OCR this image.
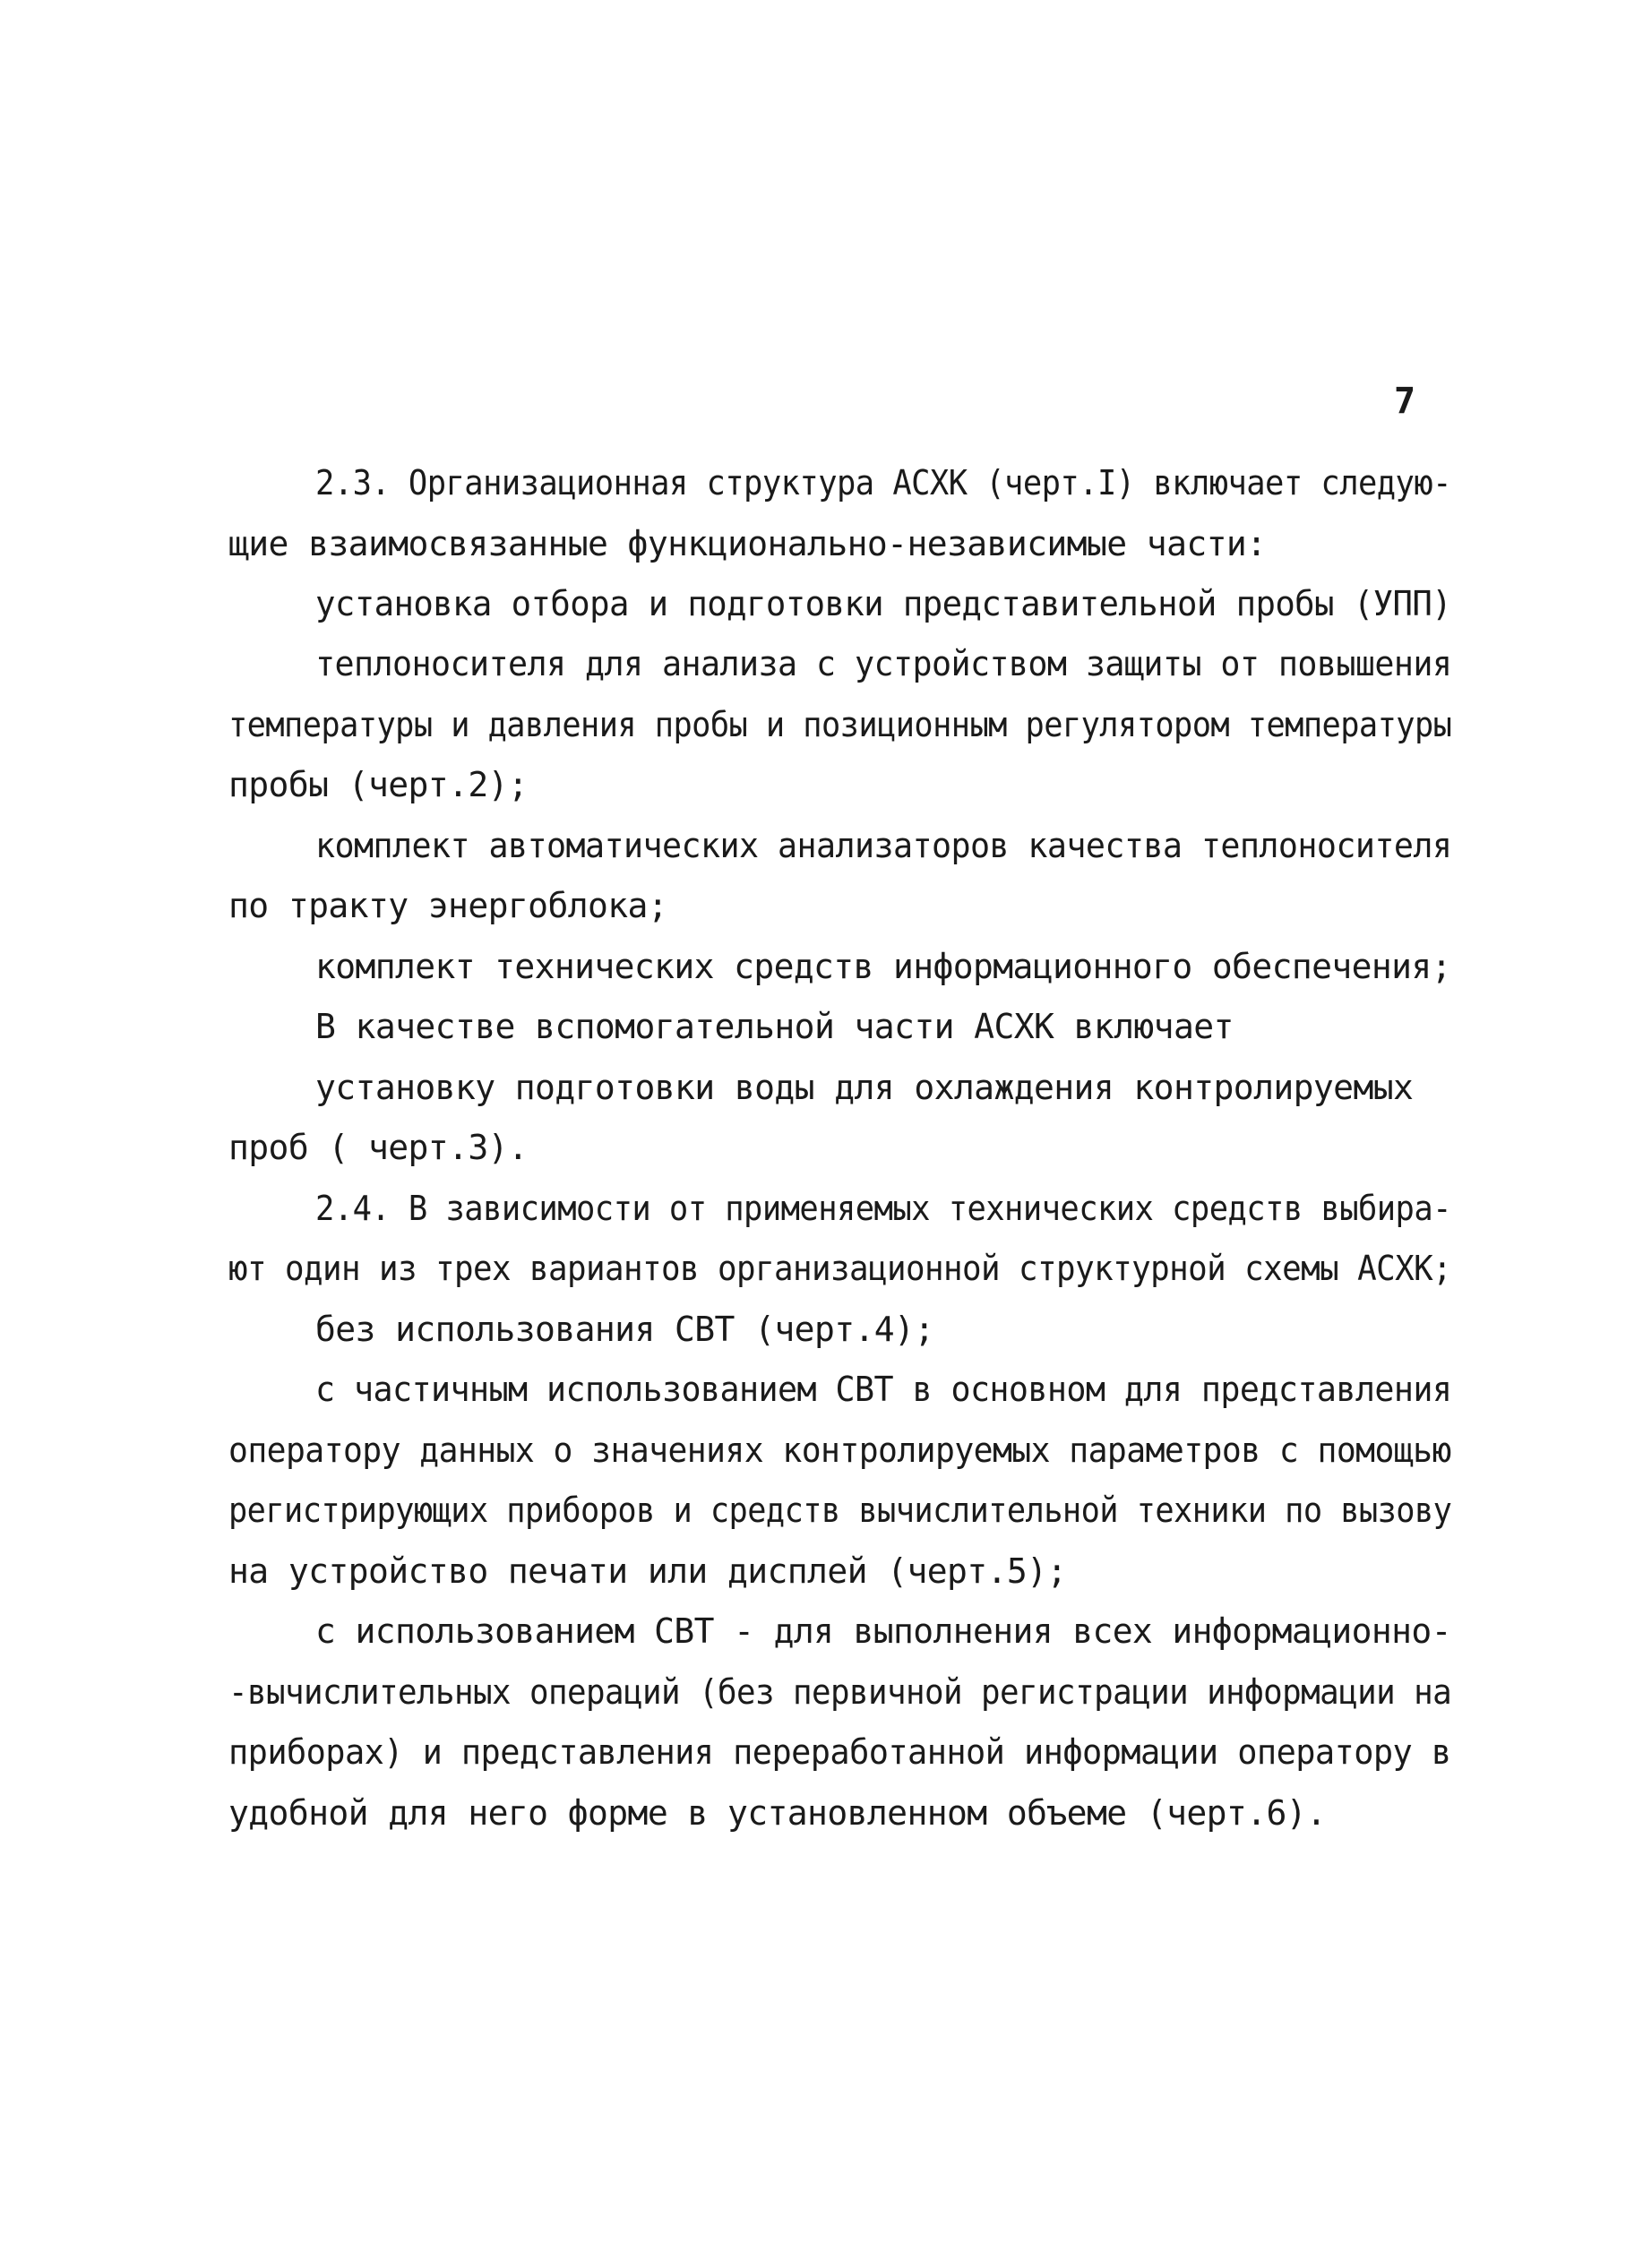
7
2.3. Организационная структура АСХК (черт.I) включает следую-
щие взаимосвязанные функционально-независимые части:
установка отбора и подготовки представительной пробы (УПП)
теплоносителя для анализа с устройством защиты от повышения
температуры и давления пробы и позиционным регулятором температуры
пробы (черт.2);
комплект автоматических анализаторов качества теплоносителя
по тракту энергоблока;
комплект технических средств информационного обеспечения;
В качестве вспомогательной части АСХК включает
установку подготовки воды для охлаждения контролируемых
проб ( черт.3).
2.4. В зависимости от применяемых технических средств выбира-
ют один из трех вариантов организационной структурной схемы АСХК;
без использования СВТ (черт.4);
с частичным использованием СВТ в основном для представления
оператору данных о значениях контролируемых параметров с помощью
регистрирующих приборов и средств вычислительной техники по вызову
на устройство печати или дисплей (черт.5);
с использованием СВТ - для выполнения всех информационно-
-вычислительных операций (без первичной регистрации информации на
приборах) и представления переработанной информации оператору в
удобной для него форме в установленном объеме (черт.6).
